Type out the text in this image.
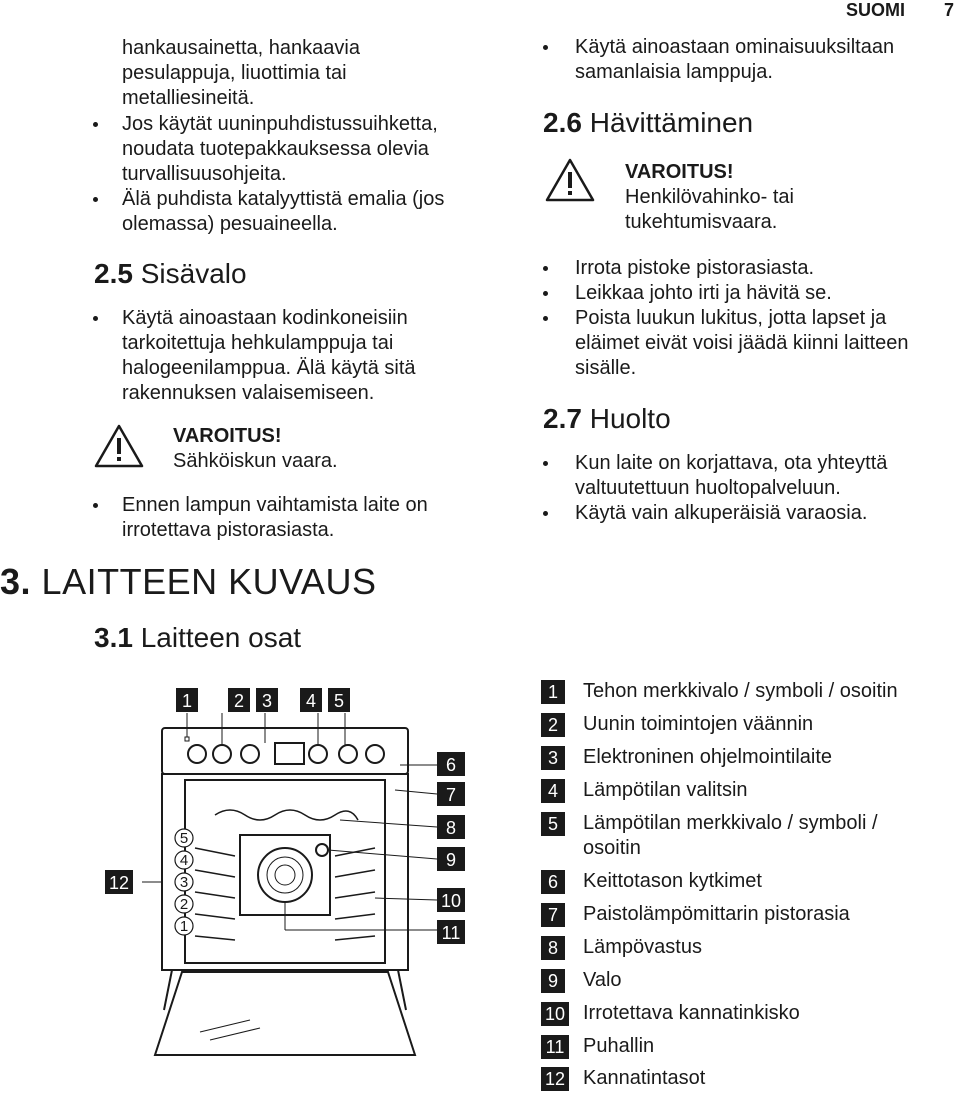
SUOMI 7
hankausainetta, hankaavia
pesulappuja, liuottimia tai
metalliesineitä.
Jos käytät uuninpuhdistussuihketta,
noudata tuotepakkauksessa olevia
turvallisuusohjeita.
Älä puhdista katalyyttistä emalia (jos
olemassa) pesuaineella.
2.5 Sisävalo
Käytä ainoastaan kodinkoneisiin
tarkoitettuja hehkulamppuja tai
halogeenilamppua. Älä käytä sitä
rakennuksen valaisemiseen.
VAROITUS!
Sähköiskun vaara.
Ennen lampun vaihtamista laite on
irrotettava pistorasiasta.
3. LAITTEEN KUVAUS
3.1 Laitteen osat
Käytä ainoastaan ominaisuuksiltaan
samanlaisia lamppuja.
2.6 Hävittäminen
VAROITUS!
Henkilövahinko- tai
tukehtumisvaara.
Irrota pistoke pistorasiasta.
Leikkaa johto irti ja hävitä se.
Poista luukun lukitus, jotta lapset ja
eläimet eivät voisi jäädä kiinni laitteen
sisälle.
2.7 Huolto
Kun laite on korjattava, ota yhteyttä
valtuutettuun huoltopalveluun.
Käytä vain alkuperäisiä varaosia.
1 2 3 4 5
6
7
8
9
10
11
12
5
4
3
2
1
1	Tehon merkkivalo / symboli / osoitin
2	Uunin toimintojen väännin
3	Elektroninen ohjelmointilaite
4	Lämpötilan valitsin
5	Lämpötilan merkkivalo / symboli /
osoitin
6	Keittotason kytkimet
7	Paistolämpömittarin pistorasia
8	Lämpövastus
9	Valo
10 Irrotettava kannatinkisko
11 Puhallin
12 Kannatintasot
